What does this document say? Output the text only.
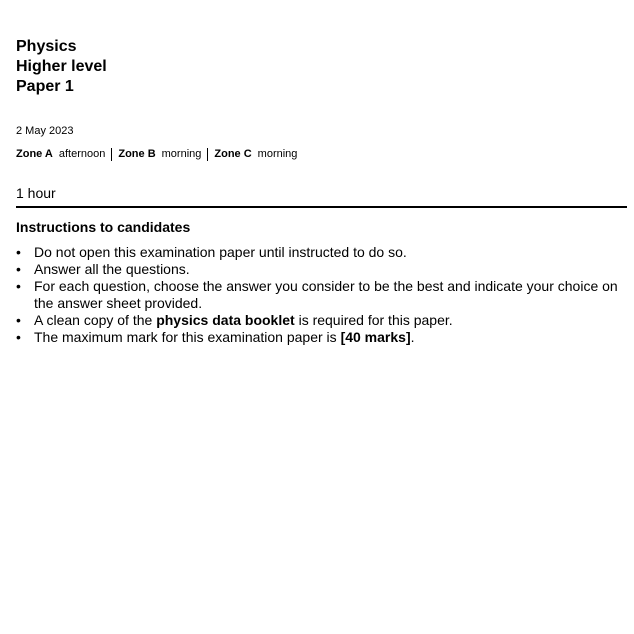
Physics
Higher level
Paper 1
2 May 2023
Zone A afternoon Zone B morning Zone C morning
1 hour
Instructions to candidates
• Do not open this examination paper until instructed to do so.
• Answer all the questions.
• For each question, choose the answer you consider to be the best and indicate your choice on the answer sheet provided.
• A clean copy of the physics data booklet is required for this paper.
• The maximum mark for this examination paper is [40 marks].
